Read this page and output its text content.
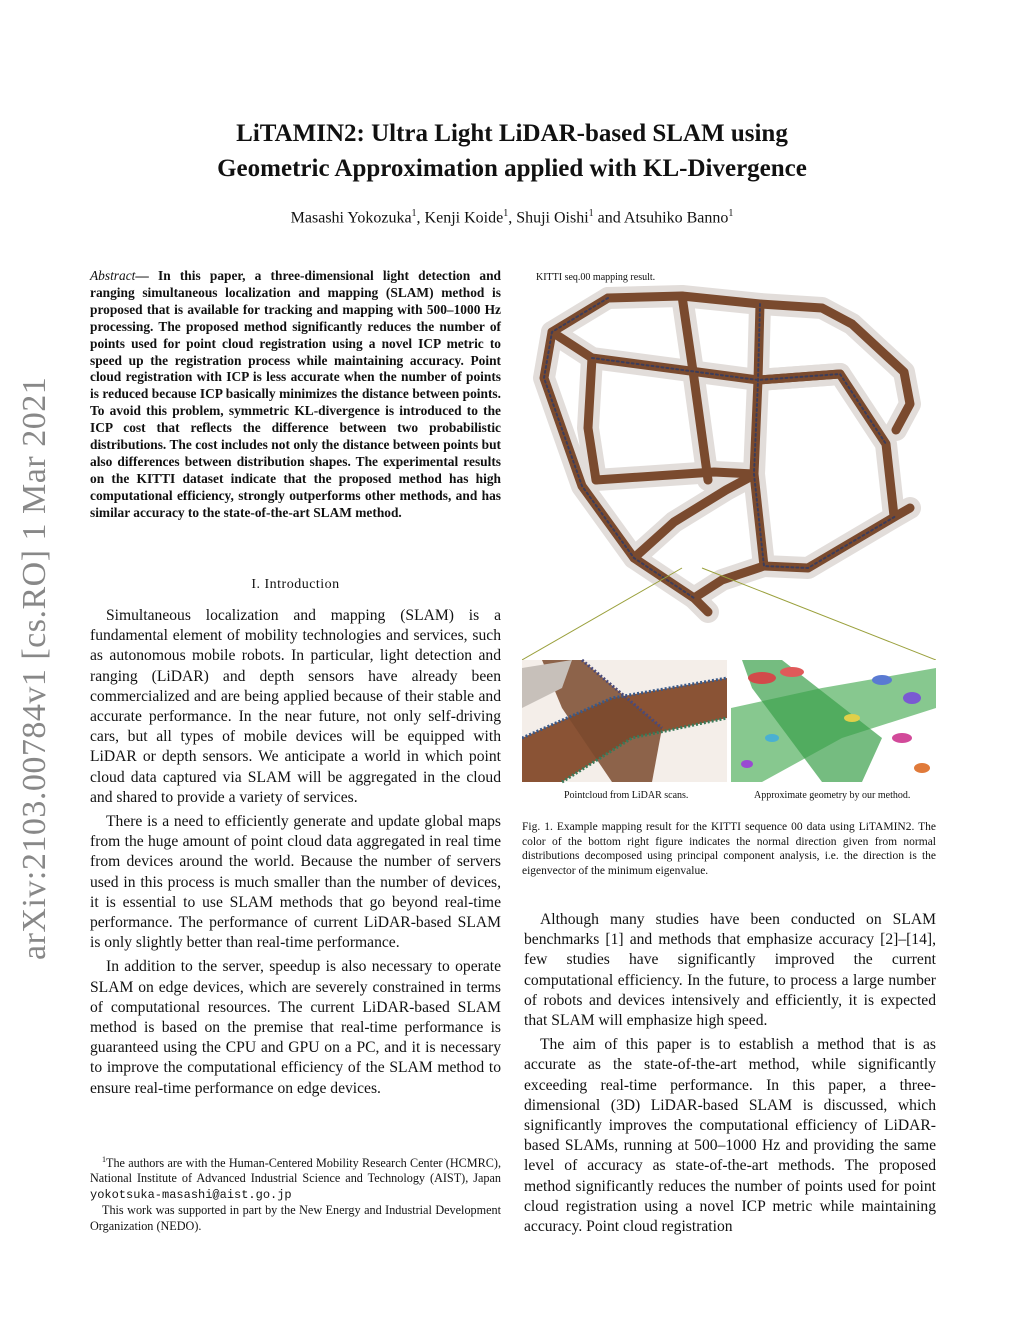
arXiv:2103.00784v1 [cs.RO] 1 Mar 2021
LiTAMIN2: Ultra Light LiDAR-based SLAM using
Geometric Approximation applied with KL-Divergence
Masashi Yokozuka$^1$, Kenji Koide$^1$, Shuji Oishi$^1$ and Atsuhiko Banno$^1$
Abstract— In this paper, a three-dimensional light detection and ranging simultaneous localization and mapping (SLAM) method is proposed that is available for tracking and mapping with 500–1000 Hz processing. The proposed method significantly reduces the number of points used for point cloud registration using a novel ICP metric to speed up the registration process while maintaining accuracy. Point cloud registration with ICP is less accurate when the number of points is reduced because ICP basically minimizes the distance between points. To avoid this problem, symmetric KL-divergence is introduced to the ICP cost that reflects the difference between two probabilistic distributions. The cost includes not only the distance between points but also differences between distribution shapes. The experimental results on the KITTI dataset indicate that the proposed method has high computational efficiency, strongly outperforms other methods, and has similar accuracy to the state-of-the-art SLAM method.
I. Introduction

Simultaneous localization and mapping (SLAM) is a fundamental element of mobility technologies and services, such as autonomous mobile robots. In particular, light detection and ranging (LiDAR) and depth sensors have already been commercialized and are being applied because of their stable and accurate performance. In the near future, not only self-driving cars, but all types of mobile devices will be equipped with LiDAR or depth sensors. We anticipate a world in which point cloud data captured via SLAM will be aggregated in the cloud and shared to provide a variety of services.

There is a need to efficiently generate and update global maps from the huge amount of point cloud data aggregated in real time from devices around the world. Because the number of servers used in this process is much smaller than the number of devices, it is essential to use SLAM methods that go beyond real-time performance. The performance of current LiDAR-based SLAM is only slightly better than real-time performance.

In addition to the server, speedup is also necessary to operate SLAM on edge devices, which are severely constrained in terms of computational resources. The current LiDAR-based SLAM method is based on the premise that real-time performance is guaranteed using the CPU and GPU on a PC, and it is necessary to improve the computational efficiency of the SLAM method to ensure real-time performance on edge devices.

$^1$The authors are with the Human-Centered Mobility Research Center (HCMRC), National Institute of Advanced Industrial Science and Technology (AIST), Japan yokotsuka-masashi@aist.go.jp

This work was supported in part by the New Energy and Industrial Development Organization (NEDO).

KITTI seq.00 mapping result.
Pointcloud from LiDAR scans.	Approximate geometry by our method.
Fig. 1. Example mapping result for the KITTI sequence 00 data using LiTAMIN2. The color of the bottom right figure indicates the normal direction given from normal distributions decomposed using principal component analysis, i.e. the direction is the eigenvector of the minimum eigenvalue.

Although many studies have been conducted on SLAM benchmarks [1] and methods that emphasize accuracy [2]–[14], few studies have significantly improved the current computational efficiency. In the future, to process a large number of robots and devices intensively and efficiently, it is expected that SLAM will emphasize high speed.

The aim of this paper is to establish a method that is as accurate as the state-of-the-art method, while significantly exceeding real-time performance. In this paper, a three-dimensional (3D) LiDAR-based SLAM is discussed, which significantly improves the computational efficiency of LiDAR-based SLAMs, running at 500–1000 Hz and providing the same level of accuracy as state-of-the-art methods. The proposed method significantly reduces the number of points used for point cloud registration using a novel ICP metric while maintaining accuracy. Point cloud registration
